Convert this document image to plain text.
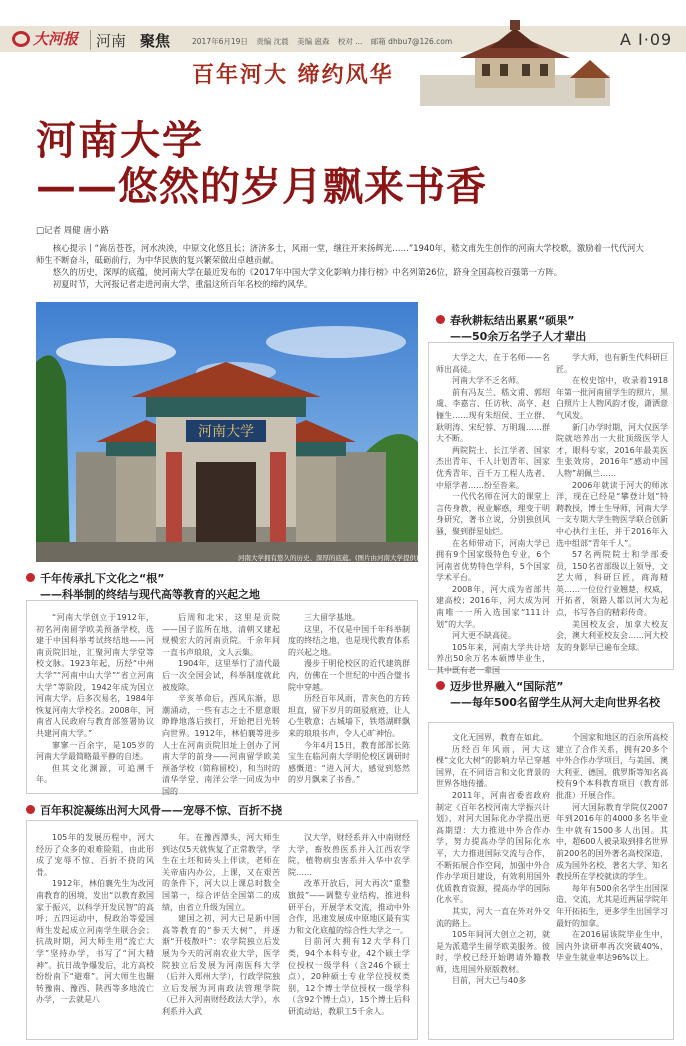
大河报 河南 聚焦	2017年6月19日 责编 沈晨 美编 扈森 校对 ... 邮箱 dhbu7@126.com	A I·09
百年河大 缔约风华
河南大学
——悠然的岁月飘来书香
□记者 周健 唐小路

核心提示丨“嵩岳苍苍，河水泱泱，中原文化悠且长；济济多士，风雨一堂，继往开来扬辉光……”1940年，嵇文甫先生创作的河南大学校歌，激励着一代代河大师生不断奋斗，砥砺前行，为中华民族的复兴繁荣做出卓越贡献。

悠久的历史，深厚的底蕴，使河南大学在最近发布的《2017年中国大学文化影响力排行榜》中名列第26位，跻身全国高校百强第一方阵。

初夏时节，大河报记者走进河南大学，重温这所百年名校的缔约风华。

河南大学
河南大学拥有悠久的历史、深厚的底蕴。(图片由河南大学提供)
千年传承扎下文化之“根”
——科举制的终结与现代高等教育的兴起之地

“河南大学创立于1912年，初名河南留学欧美预备学校，选建于中国科举考试终结地——河南贡院旧址，汇聚河南大学堂等校文脉。1923年起，历经“中州大学”“河南中山大学”“省立河南大学”等阶段，1942年成为国立河南大学。后多次易名，1984年恢复河南大学校名。2008年，河南省人民政府与教育部签署协议共建河南大学。”

寥寥一百余字，是105岁的河南大学最简略最平静的自述。

但其文化渊源，可追溯千年。

后周和北宋，这里是贡院——国子监所在地，清朝又建起规模宏大的河南贡院。千余年间一直书声琅琅，文人云集。

1904年，这里举行了清代最后一次全国会试，科举制度就此被废除。

辛亥革命后，西风东渐，思潮涌动，一些有志之士不愿意眼睁睁地落后挨打，开始把目光转向世界。1912年，林伯襄等进步人士在河南贡院旧址上创办了河南大学的前身——河南留学欧美预备学校（简称留校），和当时的清华学堂、南洋公学一同成为中国的

三大留学基地。

这里，不仅是中国千年科举制度的终结之地，也是现代教育体系的兴起之地。

漫步于明伦校区的近代建筑群内，仿佛在一个世纪的中西合璧书院中穿越。

历经百年风雨，青灰色的方砖坦直，留下岁月的斑驳痕迹，让人心生敬意；古城墙下，铁塔湖畔飘来的琅琅书声，令人心旷神怡。

今年4月15日，教育部部长陈宝生在临河南大学明伦校区调研时感慨道：“进入河大，感觉到悠然的岁月飘来了书香。”

百年积淀凝练出河大风骨——宠辱不惊、百折不挠

105年的发展历程中，河大经历了众多的艰难险阻，由此形成了宠辱不惊、百折不挠的风骨。

1912年，林伯襄先生为改河南教育的困境，发出“以教育救国家于振兴，以科学开发民智”的高呼；五四运动中，倪政治等爱国师生发起成立河南学生联合会；抗战时期，河大师生用“流亡大学”坚持办学，书写了“河大精神”。抗日战争爆发后，北方高校纷纷南下“避难”。河大师生也辗转豫南、豫西、陕西等多地流亡办学，一去就是八

年。在豫西潭头，河大师生到达仅5天就恢复了正常教学，学生在土坯和砖头上伴读，老师在关帝庙内办公，上课，又在艰苦的条件下，河大以上课总时数全国第一，综合评估全国第二的成绩，由省立升级为国立。

建国之初，河大已是新中国高等教育的“参天大树”，并逐渐“开枝散叶”：农学院独立后发展为今天的河南农业大学，医学院独立后发展为河南医科大学（后并入郑州大学），行政学院独立后发展为河南政法管理学院（已并入河南财经政法大学），水利系并入武

汉大学，财经系并入中南财经大学，畜牧兽医系并入江西农学院，植物病虫害系并入华中农学院……

改革开放后，河大再次“重整旗鼓”——调整专业结构，推进科研平台，开展学术交流，推动中外合作，迅速发展成中原地区最有实力和文化底蕴的综合性大学之一。

目前河大拥有12大学科门类，94个本科专业，42个硕士学位授权一级学科（含246个硕士点），20种硕士专业学位授权类别，12个博士学位授权一级学科（含92个博士点），15个博士后科研流动站，教职工5千余人。

春秋耕耘结出累累“硕果”
——50余万名学子人才辈出

大学之大，在于名师——名师出高徒。

河南大学不乏名师。

前有冯友兰、嵇文甫、郭绍虞、李嘉言、任访秋、高亨、赵俪生……现有朱绍侯、王立群、耿明涛、宋纪蓉、万明瑞……群大不断。

两院院士、长江学者、国家杰出青年、千人计划青年、国家优秀青年、百千万工程人选者、中原学者……纷至沓来。

一代代名师在河大的课堂上言传身教，视业解惑，理变于明身研究，著书立说，分别独创风骚，聚到群星灿烂。

在名师带动下，河南大学已拥有9个国家级特色专业，6个河南省优势特色学科，5个国家学术平台。

2008年，河大成为省部共建高校；2016年，河大成为河南唯一一所入选国家“111计划”的大学。

河大更不缺高徒。

105年来，河南大学共计培养出50余万名本硕博毕业生，其中既有老一辈国

学大师，也有新生代科研巨匠。

在校史馆中，收录着1918年第一批河南留学生的照片，黑白照片上人物风韵才俊，潇洒意气风发。

新门办学时期，河大仅医学院就培养出一大批顶级医学人才，眼科专家，2016年最美医生张效房，2016年“感动中国人物”胡佩兰……

2006年就读于河大的师冰洋，现在已经是“攀登计划”特聘教授，博士生导师，河南大学一支专期大学生物医学联合创新中心执行主任，并于2016年入选中组部“青年千人”。

57名两院院士和学部委员，150名省部级以上领导，文艺大师，科研巨匠，商海精英……一位位行业翘楚，权威，开拓者，领路人都以河大为起点，书写各自的精彩传奇。

美国校友会，加拿大校友会，澳大利亚校友会……河大校友的身影早已遍布全球。

迈步世界融入“国际范”
——每年500名留学生从河大走向世界名校

文化无国界，教育在如此。

历经百年风雨，河大这棵“文化大树”的影响力早已穿越国界，在不同语言和文化背景的世界各地传播。

2011年，河南省委省政府制定《百年名校河南大学振兴计划》，对河大国际化办学提出更高期望：大力推进中外合作办学，努力提高办学的国际化水平，大力推进国际交流与合作，不断拓展合作空间，加强中外合作办学项目建设，有效利用国外优质教育资源，提高办学的国际化水平。

其实，河大一直在外对外交流的路上。

105年间河大创立之初，就是为派遣学生留学欧美服务。彼时，学校已经开始聘请外籍教师，选用国外原版教材。

目前，河大已与40多

个国家和地区的百余所高校建立了合作关系，拥有20多个中外合作办学项目，与美国、澳大利亚、德国、俄罗斯等知名高校有9个本科教育项目（教育部批准）开展合作。

河大国际教育学院仅2007年到2016年的4000多名毕业生中就有1500多人出国。其中，超600人被录取到排名世界前200名的国外著名高校深造，成为国外名校、著名大学、知名教授所在学校就读的学生。

每年有500余名学生出国深造、交流，尤其是近两届学院年年开拓拓生，更多学生出国学习最好的加拿。

在2016届该院毕业生中，国内外读研率再次突破40%，毕业生就业率达96%以上。
